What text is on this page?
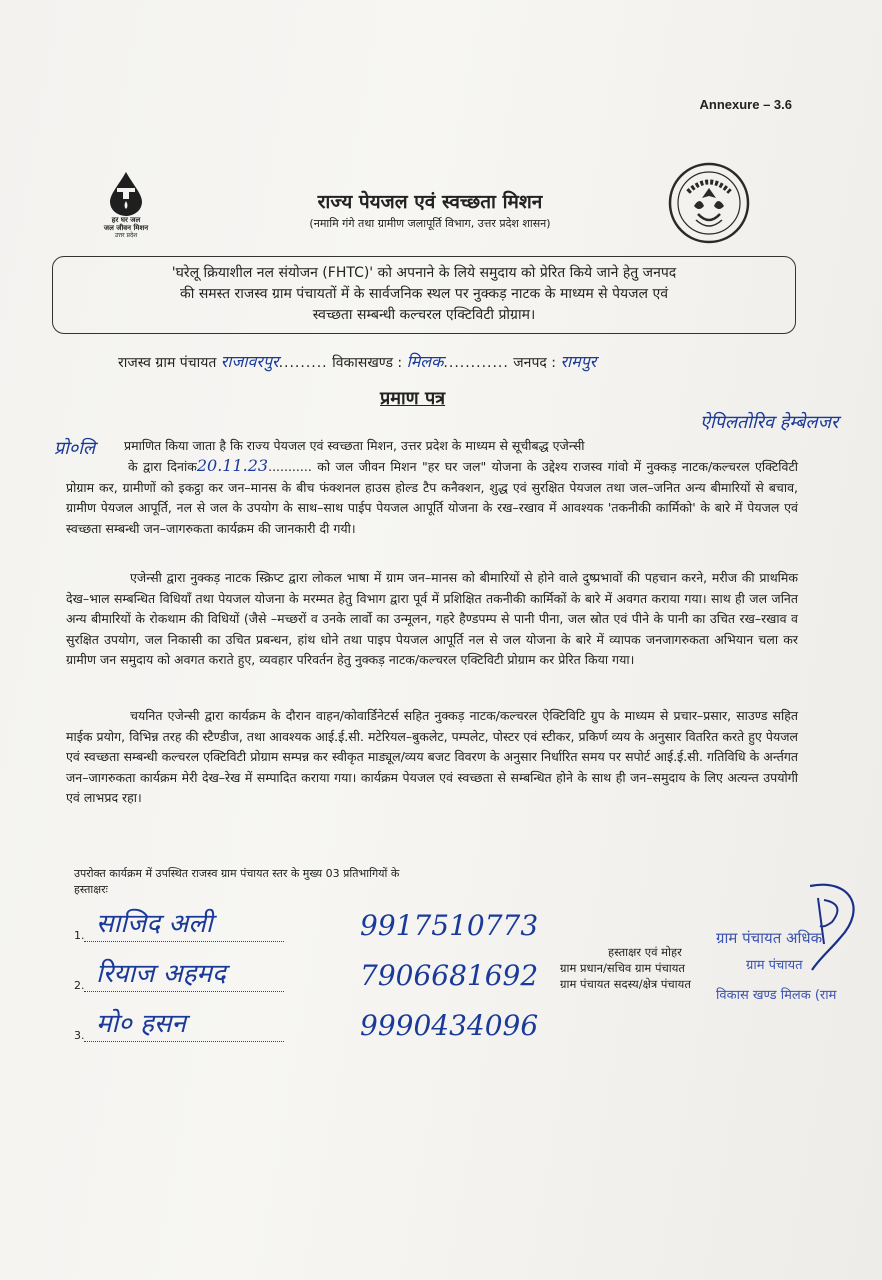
Annexure – 3.6
हर घर जल
जल जीवन मिशन
उत्तर प्रदेश
राज्य पेयजल एवं स्वच्छता मिशन
(नमामि गंगे तथा ग्रामीण जलापूर्ति विभाग, उत्तर प्रदेश शासन)
'घरेलू क्रियाशील नल संयोजन (FHTC)' को अपनाने के लिये समुदाय को प्रेरित किये जाने हेतु जनपद
की समस्त राजस्व ग्राम पंचायतों में के सार्वजनिक स्थल पर नुक्कड़ नाटक के माध्यम से पेयजल एवं
स्वच्छता सम्बन्धी कल्चरल एक्टिविटी प्रोग्राम।
राजस्व ग्राम पंचायत राजावरपुर......... विकासखण्ड : मिलक............ जनपद : रामपुर
प्रमाण पत्र
ऐपिलतोरिव हेम्बेलजर
प्रो०लि प्रमाणित किया जाता है कि राज्य पेयजल एवं स्वच्छता मिशन, उत्तर प्रदेश के माध्यम से सूचीबद्ध एजेन्सी
के द्वारा दिनांक20.11.23........... को जल जीवन मिशन "हर घर जल" योजना के उद्देश्य राजस्व गांवो में नुक्कड़ नाटक/कल्चरल एक्टिविटी प्रोग्राम कर, ग्रामीणों को इकट्ठा कर जन–मानस के बीच फंक्शनल हाउस होल्ड टैप कनैक्शन, शुद्ध एवं सुरक्षित पेयजल तथा जल–जनित अन्य बीमारियों से बचाव, ग्रामीण पेयजल आपूर्ति, नल से जल के उपयोग के साथ–साथ पाईप पेयजल आपूर्ति योजना के रख–रखाव में आवश्यक 'तकनीकी कार्मिको' के बारे में पेयजल एवं स्वच्छता सम्बन्धी जन–जागरुकता कार्यक्रम की जानकारी दी गयी।
एजेन्सी द्वारा नुक्कड़ नाटक स्क्रिप्ट द्वारा लोकल भाषा में ग्राम जन–मानस को बीमारियों से होने वाले दुष्प्रभावों की पहचान करने, मरीज की प्राथमिक देख–भाल सम्बन्धित विधियाँ तथा पेयजल योजना के मरम्मत हेतु विभाग द्वारा पूर्व में प्रशिक्षित तकनीकी कार्मिकों के बारे में अवगत कराया गया। साथ ही जल जनित अन्य बीमारियों के रोकथाम की विधियों (जैसे –मच्छरों व उनके लार्वो का उन्मूलन, गहरे हैण्डपम्प से पानी पीना, जल स्रोत एवं पीने के पानी का उचित रख–रखाव व सुरक्षित उपयोग, जल निकासी का उचित प्रबन्धन, हांथ धोने तथा पाइप पेयजल आपूर्ति नल से जल योजना के बारे में व्यापक जनजागरुकता अभियान चला कर ग्रामीण जन समुदाय को अवगत कराते हुए, व्यवहार परिवर्तन हेतु नुक्कड़ नाटक/कल्चरल एक्टिविटी प्रोग्राम कर प्रेरित किया गया।
चयनित एजेन्सी द्वारा कार्यक्रम के दौरान वाहन/कोवार्डिनेटर्स सहित नुक्कड़ नाटक/कल्चरल ऐक्टिविटि ग्रुप के माध्यम से प्रचार–प्रसार, साउण्ड सहित माईक प्रयोग, विभिन्न तरह की स्टैण्डीज, तथा आवश्यक आई.ई.सी. मटेरियल–बुकलेट, पम्पलेट, पोस्टर एवं स्टीकर, प्रकिर्ण व्यय के अनुसार वितरित करते हुए पेयजल एवं स्वच्छता सम्बन्धी कल्चरल एक्टिविटी प्रोग्राम सम्पन्न कर स्वीकृत माड्यूल/व्यय बजट विवरण के अनुसार निर्धारित समय पर सपोर्ट आई.ई.सी. गतिविधि के अर्न्तगत जन–जागरुकता कार्यक्रम मेरी देख–रेख में सम्पादित कराया गया। कार्यक्रम पेयजल एवं स्वच्छता से सम्बन्धित होने के साथ ही जन–समुदाय के लिए अत्यन्त उपयोगी एवं लाभप्रद रहा।
उपरोक्त कार्यक्रम में उपस्थित राजस्व ग्राम पंचायत स्तर के मुख्य 03 प्रतिभागियों के
हस्ताक्षरः
1. साजिद अली	9917510773
2. रियाज अहमद	7906681692
3. मो० हसन	9990434096
हस्ताक्षर एवं मोहर
ग्राम प्रधान/सचिव ग्राम पंचायत
ग्राम पंचायत सदस्य/क्षेत्र पंचायत
ग्राम पंचायत अधिक
ग्राम पंचायत
विकास खण्ड मिलक (राम
